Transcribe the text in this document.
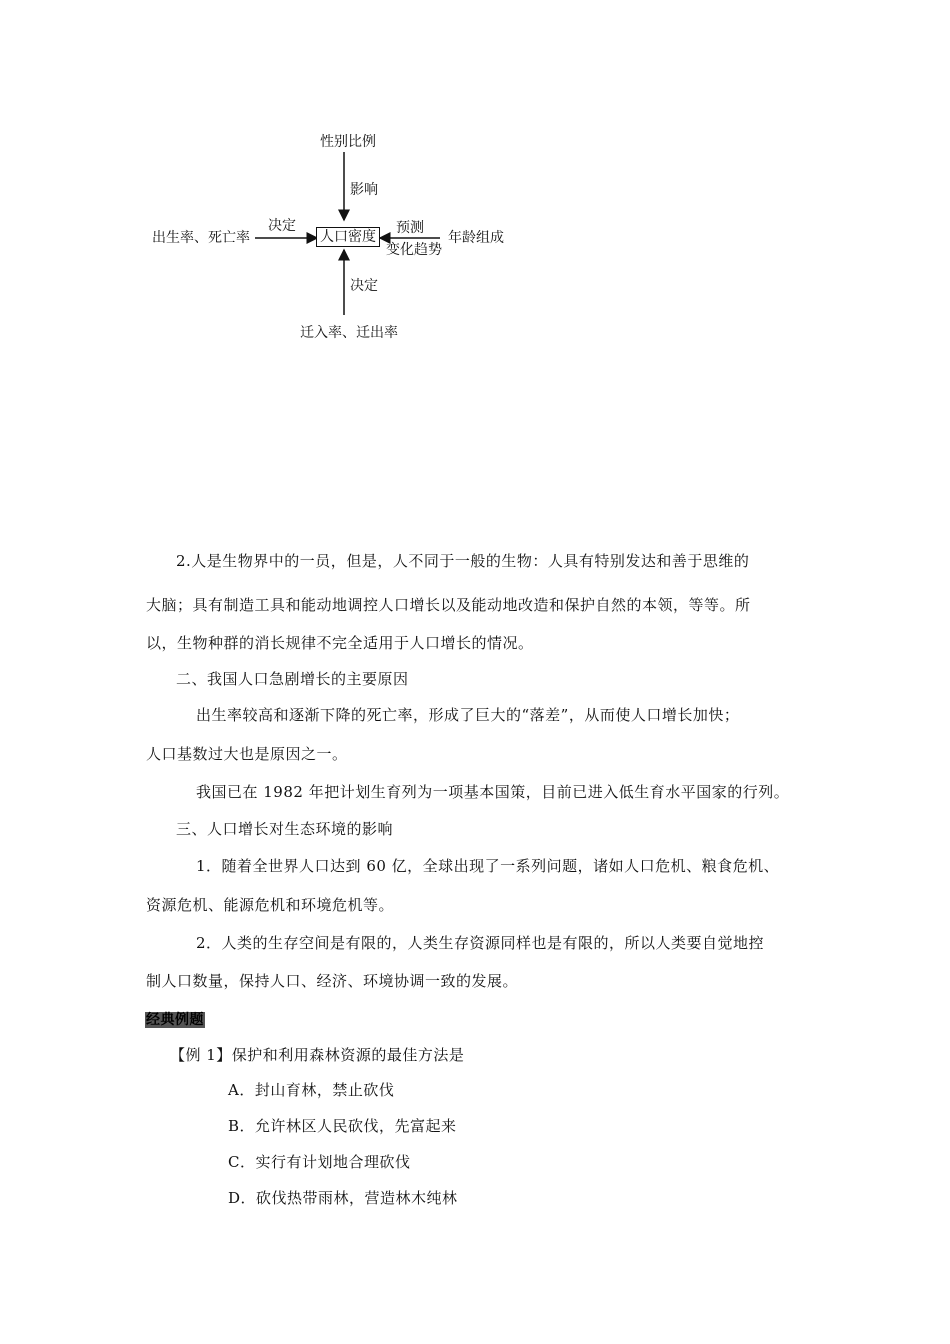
性别比例
影响
出生率、死亡率
决定
人口密度
预测
变化趋势
年龄组成
决定
迁入率、迁出率
2.人是生物界中的一员，但是，人不同于一般的生物：人具有特别发达和善于思维的
大脑；具有制造工具和能动地调控人口增长以及能动地改造和保护自然的本领，等等。所
以，生物种群的消长规律不完全适用于人口增长的情况。
二、我国人口急剧增长的主要原因
出生率较高和逐渐下降的死亡率，形成了巨大的“落差”，从而使人口增长加快；
人口基数过大也是原因之一。
我国已在 1982 年把计划生育列为一项基本国策，目前已进入低生育水平国家的行列。
三、人口增长对生态环境的影响
1．随着全世界人口达到 60 亿，全球出现了一系列问题，诸如人口危机、粮食危机、
资源危机、能源危机和环境危机等。
2．人类的生存空间是有限的，人类生存资源同样也是有限的，所以人类要自觉地控
制人口数量，保持人口、经济、环境协调一致的发展。
经典例题
【例 1】保护和利用森林资源的最佳方法是
A．封山育林，禁止砍伐
B．允许林区人民砍伐，先富起来
C．实行有计划地合理砍伐
D．砍伐热带雨林，营造林木纯林
